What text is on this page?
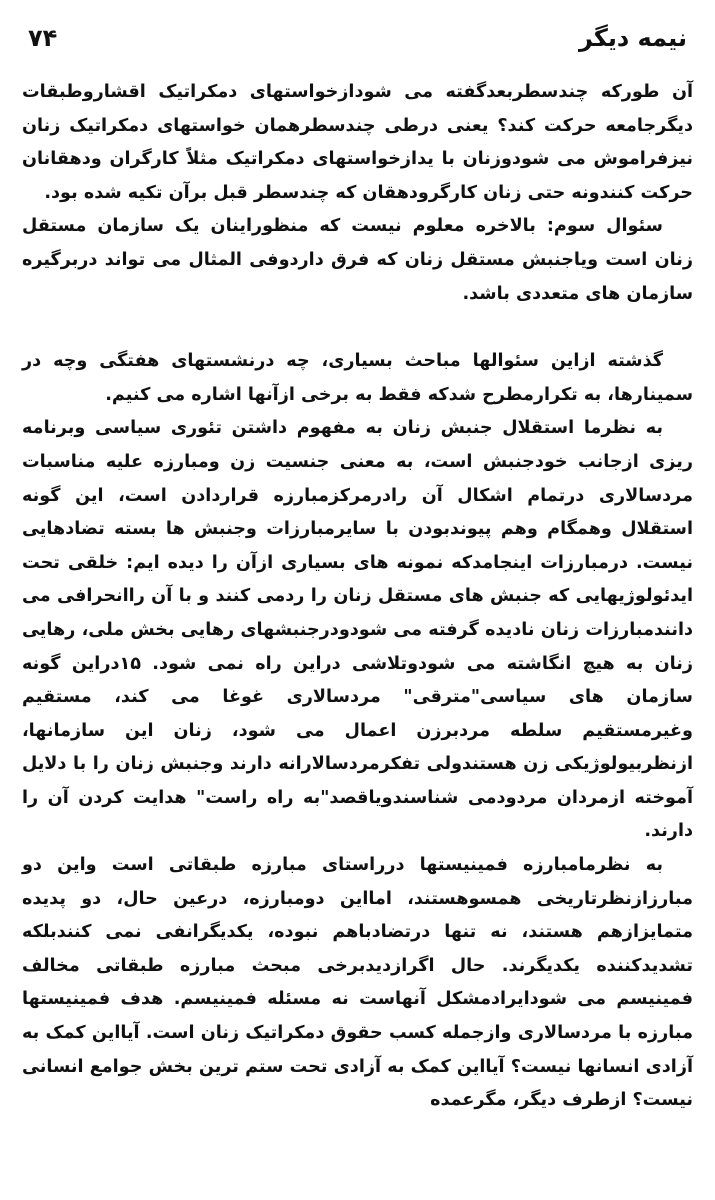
۷۴	نیمه دیگر

آن طورکه چندسطربعدگفته می شودازخواستهای دمکراتیک اقشاروطبقات دیگرجامعه حرکت کند؟ یعنی درطی چندسطرهمان خواستهای دمکراتیک زنان نیزفراموش می شودوزنان با یدازخواستهای دمکراتیک مثلاً کارگران ودهقانان حرکت کنندونه حتی زنان کارگرودهقان که چندسطر قبل برآن تکیه شده بود.

سئوال سوم: بالاخره معلوم نیست که منظوراینان یک سازمان مستقل زنان است ویاجنبش مستقل زنان که فرق داردوفی المثال می تواند دربرگیره سازمان های متعددی باشد.

گذشته ازاین سئوالها مباحث بسیاری، چه درنشستهای هفتگی وچه در سمینارها، به تکرارمطرح شدکه فقط به برخی ازآنها اشاره می کنیم.

به نظرما استقلال جنبش زنان به مفهوم داشتن تئوری سیاسی وبرنامه ریزی ازجانب خودجنبش است، به معنی جنسیت زن ومبارزه علیه مناسبات مردسالاری درتمام اشکال آن رادرمرکزمبارزه قراردادن است، این گونه استقلال وهمگام وهم پیوندبودن با سایرمبارزات وجنبش ها بسته تضادهایی نیست. درمبارزات اینجامدکه نمونه های بسیاری ازآن را دیده ایم: خلقی تحت ایدئولوژیهایی که جنبش های مستقل زنان را ردمی کنند و با آن راانحرافی می دانندمبارزات زنان نادیده گرفته می شودودرجنبشهای رهایی بخش ملی، رهایی زنان به هیچ انگاشته می شودوتلاشی دراین راه نمی شود. ۱۵دراین گونه سازمان های سیاسی"مترقی" مردسالاری غوغا می کند، مستقیم وغیرمستقیم سلطه مردبرزن اعمال می شود، زنان این سازمانها، ازنظربیولوژیکی زن هستندولی تفکرمردسالارانه دارند وجنبش زنان را با دلایل آموخته ازمردان مردودمی شناسندویاقصد"به راه راست" هدایت کردن آن را دارند.

به نظرمامبارزه فمینیستها درراستای مبارزه طبقاتی است واین دو مبارزازنظرتاریخی همسوهستند، امااین دومبارزه، درعین حال، دو پدیده متمایزازهم هستند، نه تنها درتضادباهم نبوده، یکدیگرانفی نمی کنندبلکه تشدیدکننده یکدیگرند. حال اگرازدیدبرخی مبحث مبارزه طبقاتی مخالف فمینیسم می شودایرادمشکل آنهاست نه مسئله فمینیسم. هدف فمینیستها مبارزه با مردسالاری وازجمله کسب حقوق دمکراتیک زنان است. آیااین کمک به آزادی انسانها نیست؟ آیااین کمک به آزادی تحت ستم ترین بخش جوامع انسانی نیست؟ ازطرف دیگر، مگرعمده
